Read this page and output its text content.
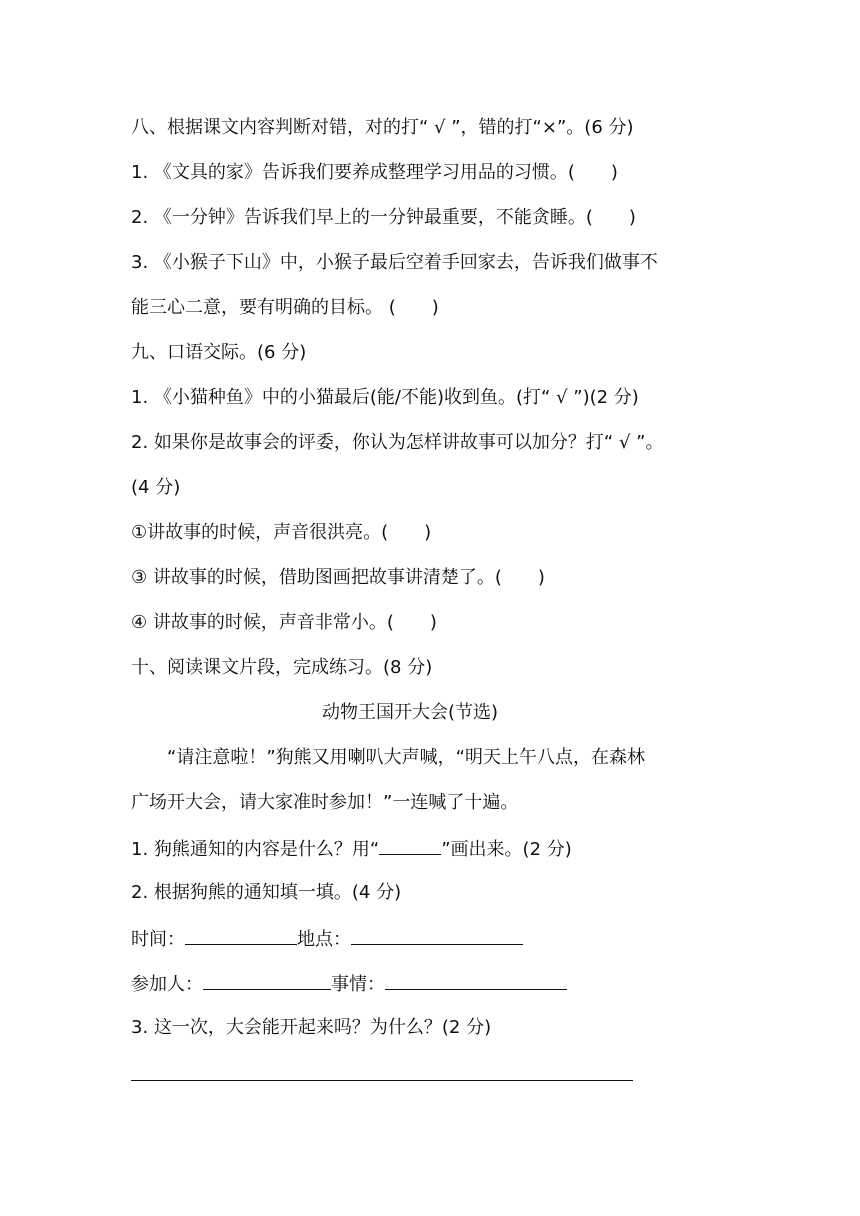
八、根据课文内容判断对错，对的打“ √ ”，错的打“×”。(6 分)
1. 《文具的家》告诉我们要养成整理学习用品的习惯。( )
2. 《一分钟》告诉我们早上的一分钟最重要，不能贪睡。( )
3. 《小猴子下山》中，小猴子最后空着手回家去，告诉我们做事不
能三心二意，要有明确的目标。 ( )
九、口语交际。(6 分)
1. 《小猫种鱼》中的小猫最后(能/不能)收到鱼。(打“ √ ”)(2 分)
2. 如果你是故事会的评委，你认为怎样讲故事可以加分？打“ √ ”。
(4 分)
①讲故事的时候，声音很洪亮。( )
③ 讲故事的时候，借助图画把故事讲清楚了。( )
④ 讲故事的时候，声音非常小。( )
十、阅读课文片段，完成练习。(8 分)
动物王国开大会(节选)
“请注意啦！”狗熊又用喇叭大声喊，“明天上午八点，在森林
广场开大会，请大家准时参加！”一连喊了十遍。
1. 狗熊通知的内容是什么？用“	”画出来。(2 分)
2. 根据狗熊的通知填一填。(4 分)
时间：	地点：
参加人：	事情：
3. 这一次，大会能开起来吗？为什么？(2 分)
